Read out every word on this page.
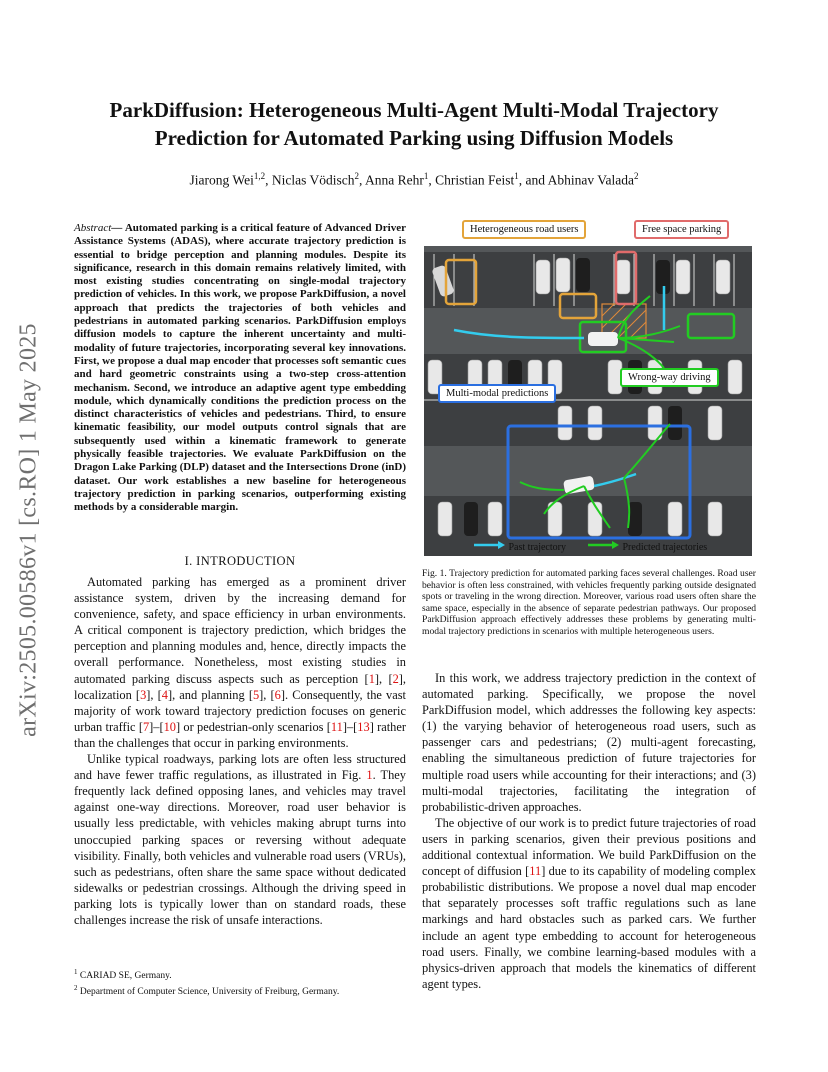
arXiv:2505.00586v1 [cs.RO] 1 May 2025
ParkDiffusion: Heterogeneous Multi-Agent Multi-Modal Trajectory
Prediction for Automated Parking using Diffusion Models
Jiarong Wei$^{1,2}$, Niclas Vödisch$^2$, Anna Rehr$^1$, Christian Feist$^1$, and Abhinav Valada$^2$
Abstract— Automated parking is a critical feature of Advanced Driver Assistance Systems (ADAS), where accurate trajectory prediction is essential to bridge perception and planning modules. Despite its significance, research in this domain remains relatively limited, with most existing studies concentrating on single-modal trajectory prediction of vehicles. In this work, we propose ParkDiffusion, a novel approach that predicts the trajectories of both vehicles and pedestrians in automated parking scenarios. ParkDiffusion employs diffusion models to capture the inherent uncertainty and multi-modality of future trajectories, incorporating several key innovations. First, we propose a dual map encoder that processes soft semantic cues and hard geometric constraints using a two-step cross-attention mechanism. Second, we introduce an adaptive agent type embedding module, which dynamically conditions the prediction process on the distinct characteristics of vehicles and pedestrians. Third, to ensure kinematic feasibility, our model outputs control signals that are subsequently used within a kinematic framework to generate physically feasible trajectories. We evaluate ParkDiffusion on the Dragon Lake Parking (DLP) dataset and the Intersections Drone (inD) dataset. Our work establishes a new baseline for heterogeneous trajectory prediction in parking scenarios, outperforming existing methods by a considerable margin.
I. INTRODUCTION

Automated parking has emerged as a prominent driver assistance system, driven by the increasing demand for convenience, safety, and space efficiency in urban environments. A critical component is trajectory prediction, which bridges the perception and planning modules and, hence, directly impacts the overall performance. Nonetheless, most existing studies in automated parking discuss aspects such as perception [1], [2], localization [3], [4], and planning [5], [6]. Consequently, the vast majority of work toward trajectory prediction focuses on generic urban traffic [7]–[10] or pedestrian-only scenarios [11]–[13] rather than the challenges that occur in parking environments.

Unlike typical roadways, parking lots are often less structured and have fewer traffic regulations, as illustrated in Fig. 1. They frequently lack defined opposing lanes, and vehicles may travel against one-way directions. Moreover, road user behavior is usually less predictable, with vehicles making abrupt turns into unoccupied parking spaces or reversing without adequate visibility. Finally, both vehicles and vulnerable road users (VRUs), such as pedestrians, often share the same space without dedicated sidewalks or pedestrian crossings. Although the driving speed in parking lots is typically lower than on standard roads, these challenges increase the risk of unsafe interactions.

$^1$ CARIAD SE, Germany.
$^2$ Department of Computer Science, University of Freiburg, Germany.
Heterogeneous road users	Free space parking
Wrong-way driving
Multi-modal predictions
Past trajectory	Predicted trajectories
Fig. 1. Trajectory prediction for automated parking faces several challenges. Road user behavior is often less constrained, with vehicles frequently parking outside designated spots or traveling in the wrong direction. Moreover, various road users often share the same space, especially in the absence of separate pedestrian pathways. Our proposed ParkDiffusion approach effectively addresses these problems by generating multi-modal trajectory predictions in scenarios with multiple heterogeneous users.

In this work, we address trajectory prediction in the context of automated parking. Specifically, we propose the novel ParkDiffusion model, which addresses the following key aspects: (1) the varying behavior of heterogeneous road users, such as passenger cars and pedestrians; (2) multi-agent forecasting, enabling the simultaneous prediction of future trajectories for multiple road users while accounting for their interactions; and (3) multi-modal trajectories, facilitating the integration of probabilistic-driven approaches.

The objective of our work is to predict future trajectories of road users in parking scenarios, given their previous positions and additional contextual information. We build ParkDiffusion on the concept of diffusion [11] due to its capability of modeling complex probabilistic distributions. We propose a novel dual map encoder that separately processes soft traffic regulations such as lane markings and hard obstacles such as parked cars. We further include an agent type embedding to account for heterogeneous road users. Finally, we combine learning-based modules with a physics-driven approach that models the kinematics of different agent types.
